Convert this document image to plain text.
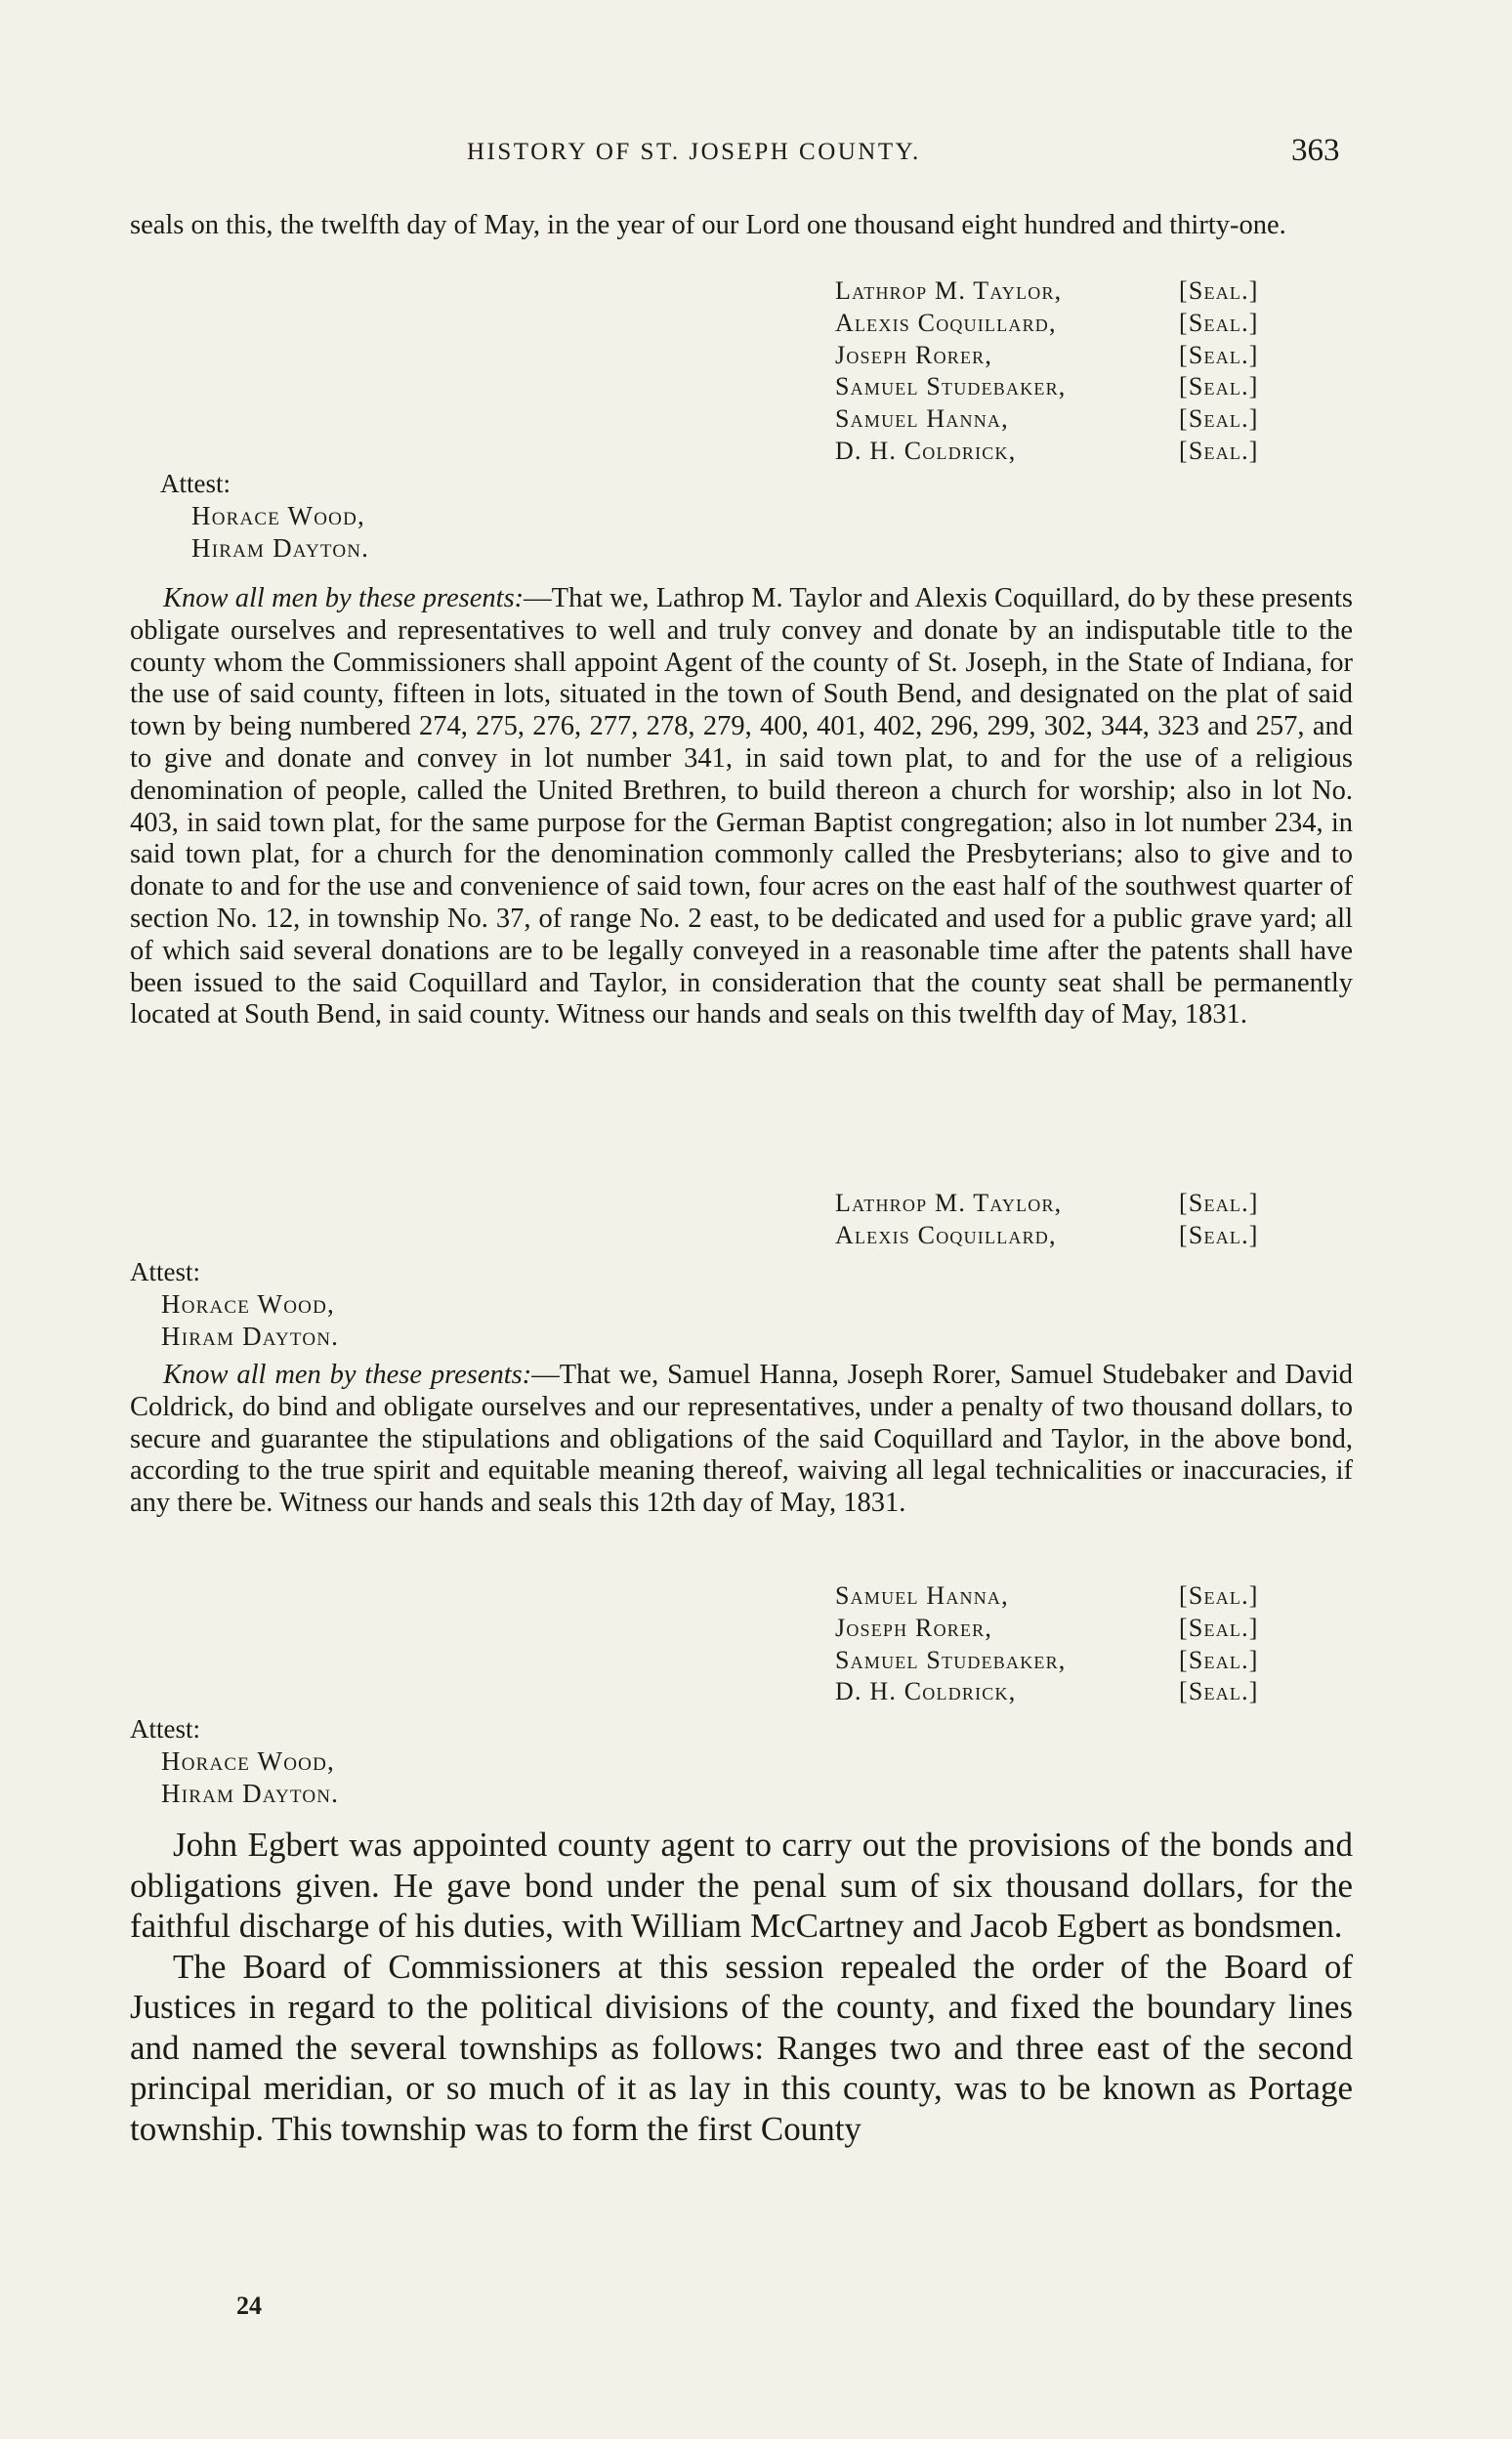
HISTORY OF ST. JOSEPH COUNTY.	363

seals on this, the twelfth day of May, in the year of our Lord one thousand eight hundred and thirty-one.

Lathrop M. Taylor,	[Seal.]
Alexis Coquillard,	[Seal.]
Joseph Rorer,	[Seal.]
Samuel Studebaker,	[Seal.]
Samuel Hanna,	[Seal.]
D. H. Coldrick,	[Seal.]
Attest:
Horace Wood,
Hiram Dayton.

Know all men by these presents:—That we, Lathrop M. Taylor and Alexis Coquillard, do by these presents obligate ourselves and representatives to well and truly convey and donate by an indisputable title to the county whom the Commissioners shall appoint Agent of the county of St. Joseph, in the State of Indiana, for the use of said county, fifteen in lots, situated in the town of South Bend, and designated on the plat of said town by being numbered 274, 275, 276, 277, 278, 279, 400, 401, 402, 296, 299, 302, 344, 323 and 257, and to give and donate and convey in lot number 341, in said town plat, to and for the use of a religious denomination of people, called the United Brethren, to build thereon a church for worship; also in lot No. 403, in said town plat, for the same purpose for the German Baptist congregation; also in lot number 234, in said town plat, for a church for the denomination commonly called the Presbyterians; also to give and to donate to and for the use and convenience of said town, four acres on the east half of the southwest quarter of section No. 12, in township No. 37, of range No. 2 east, to be dedicated and used for a public grave yard; all of which said several donations are to be legally conveyed in a reasonable time after the patents shall have been issued to the said Coquillard and Taylor, in consideration that the county seat shall be permanently located at South Bend, in said county. Witness our hands and seals on this twelfth day of May, 1831.

Lathrop M. Taylor,	[Seal.]
Alexis Coquillard,	[Seal.]
Attest:
Horace Wood,
Hiram Dayton.

Know all men by these presents:—That we, Samuel Hanna, Joseph Rorer, Samuel Studebaker and David Coldrick, do bind and obligate ourselves and our representatives, under a penalty of two thousand dollars, to secure and guarantee the stipulations and obligations of the said Coquillard and Taylor, in the above bond, according to the true spirit and equitable meaning thereof, waiving all legal technicalities or inaccuracies, if any there be. Witness our hands and seals this 12th day of May, 1831.

Samuel Hanna,	[Seal.]
Joseph Rorer,	[Seal.]
Samuel Studebaker,	[Seal.]
D. H. Coldrick,	[Seal.]
Attest:
Horace Wood,
Hiram Dayton.

John Egbert was appointed county agent to carry out the provisions of the bonds and obligations given. He gave bond under the penal sum of six thousand dollars, for the faithful discharge of his duties, with William McCartney and Jacob Egbert as bondsmen.

The Board of Commissioners at this session repealed the order of the Board of Justices in regard to the political divisions of the county, and fixed the boundary lines and named the several townships as follows: Ranges two and three east of the second principal meridian, or so much of it as lay in this county, was to be known as Portage township. This township was to form the first County

24
